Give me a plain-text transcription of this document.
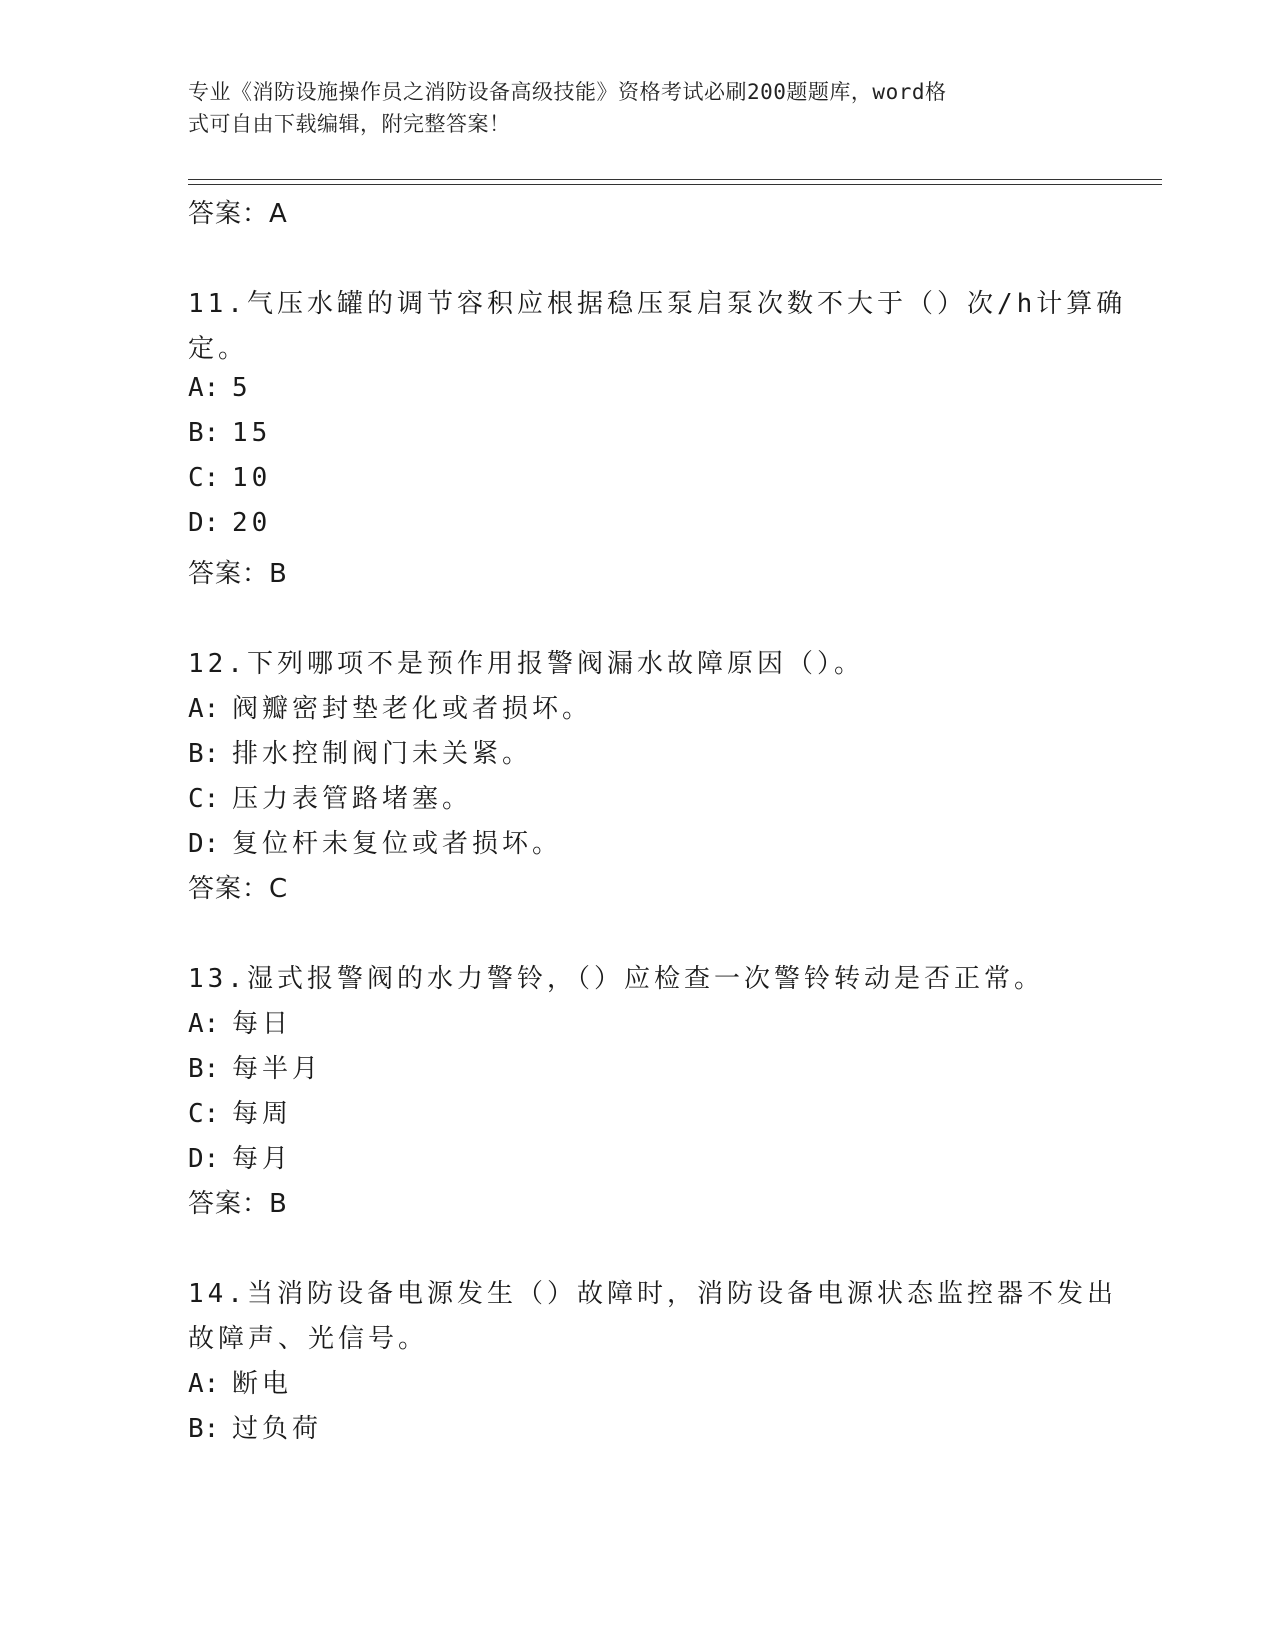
专业《消防设施操作员之消防设备高级技能》资格考试必刷200题题库，word格
式可自由下载编辑，附完整答案！
答案：A
11.气压水罐的调节容积应根据稳压泵启泵次数不大于（）次/h计算确
定。
A: 5
B: 15
C: 10
D: 20
答案：B
12.下列哪项不是预作用报警阀漏水故障原因（）。
A: 阀瓣密封垫老化或者损坏。
B: 排水控制阀门未关紧。
C: 压力表管路堵塞。
D: 复位杆未复位或者损坏。
答案：C
13.湿式报警阀的水力警铃，（）应检查一次警铃转动是否正常。
A: 每日
B: 每半月
C: 每周
D: 每月
答案：B
14.当消防设备电源发生（）故障时，消防设备电源状态监控器不发出
故障声、光信号。
A: 断电
B: 过负荷
